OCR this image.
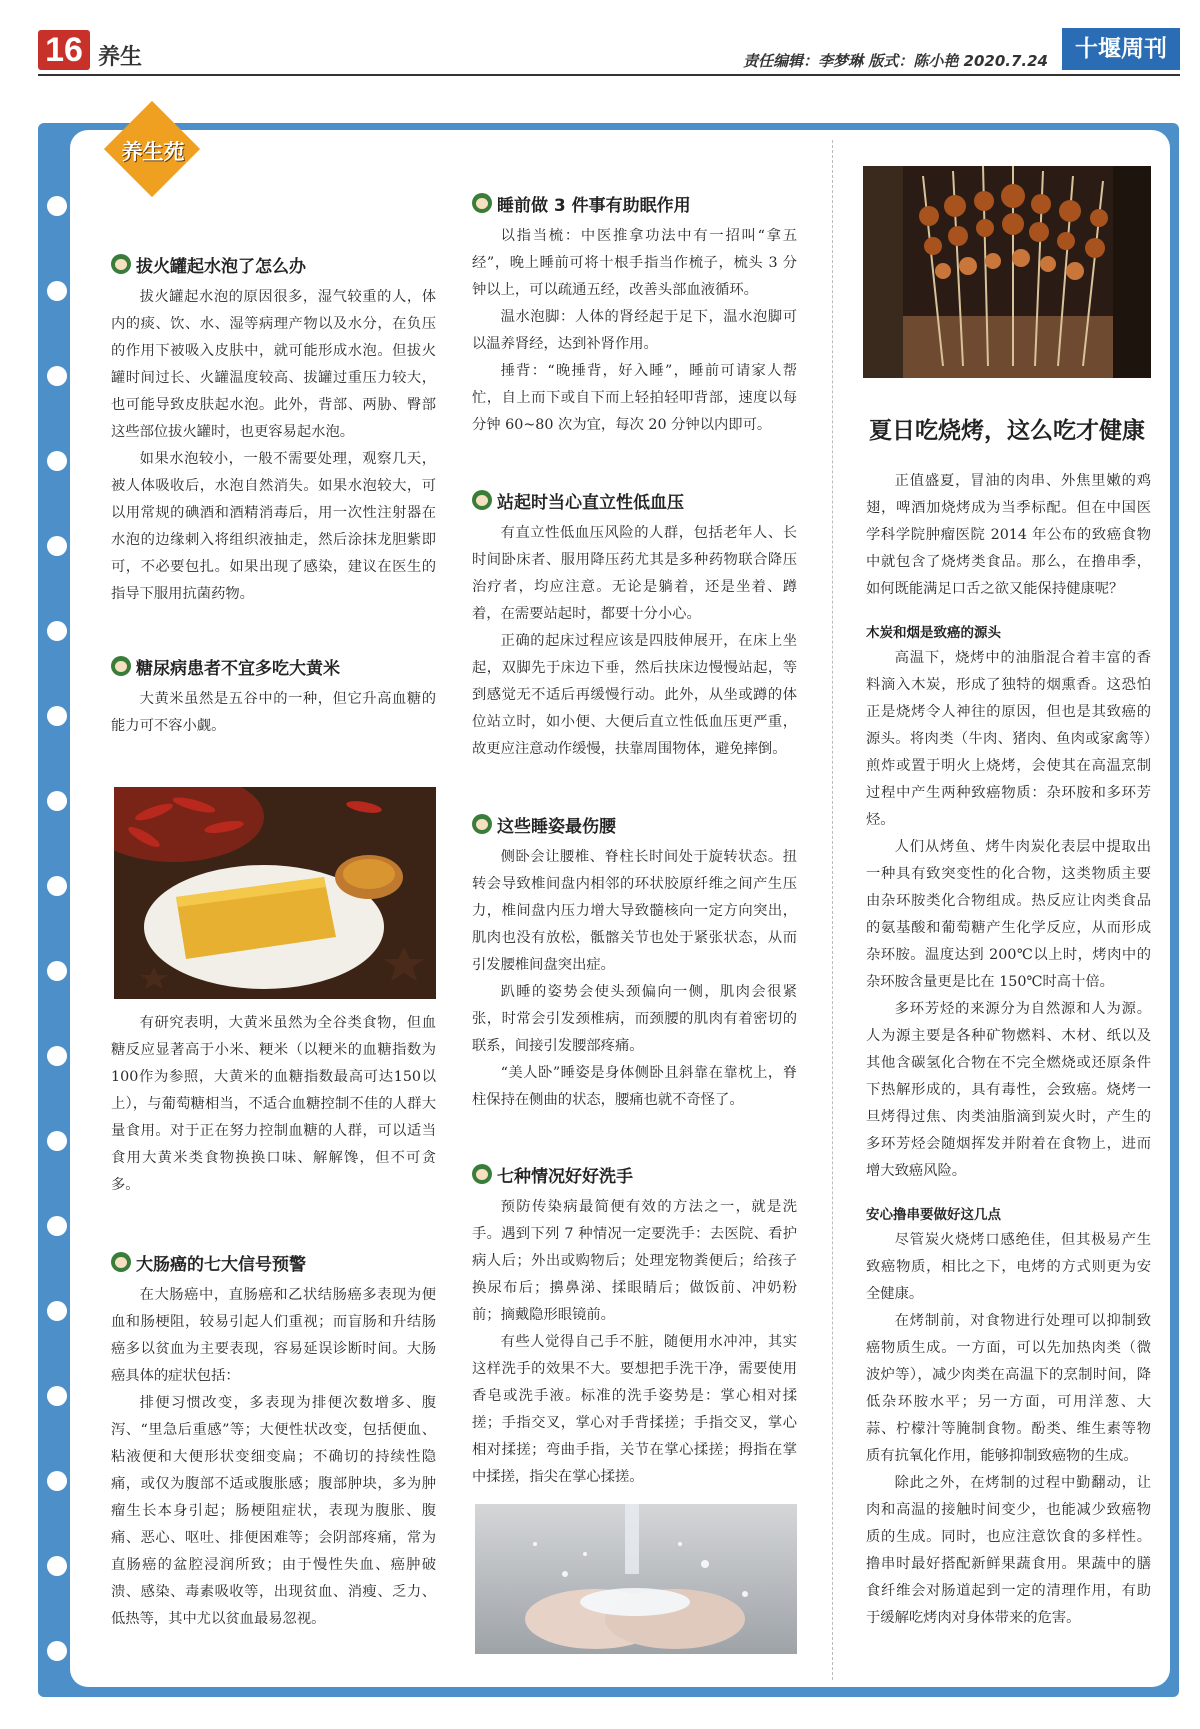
16 养生	责任编辑：李梦琳 版式：陈小艳 2020.7.24	十堰周刊
养生苑
拔火罐起水泡了怎么办

拔火罐起水泡的原因很多，湿气较重的人，体内的痰、饮、水、湿等病理产物以及水分，在负压的作用下被吸入皮肤中，就可能形成水泡。但拔火罐时间过长、火罐温度较高、拔罐过重压力较大，也可能导致皮肤起水泡。此外，背部、两胁、臀部这些部位拔火罐时，也更容易起水泡。

如果水泡较小，一般不需要处理，观察几天，被人体吸收后，水泡自然消失。如果水泡较大，可以用常规的碘酒和酒精消毒后，用一次性注射器在水泡的边缘刺入将组织液抽走，然后涂抹龙胆紫即可，不必要包扎。如果出现了感染，建议在医生的指导下服用抗菌药物。

糖尿病患者不宜多吃大黄米

大黄米虽然是五谷中的一种，但它升高血糖的能力可不容小觑。

有研究表明，大黄米虽然为全谷类食物，但血糖反应显著高于小米、粳米（以粳米的血糖指数为100作为参照，大黄米的血糖指数最高可达150以上），与葡萄糖相当，不适合血糖控制不佳的人群大量食用。对于正在努力控制血糖的人群，可以适当食用大黄米类食物换换口味、解解馋，但不可贪多。

大肠癌的七大信号预警

在大肠癌中，直肠癌和乙状结肠癌多表现为便血和肠梗阻，较易引起人们重视；而盲肠和升结肠癌多以贫血为主要表现，容易延误诊断时间。大肠癌具体的症状包括：

排便习惯改变，多表现为排便次数增多、腹泻、“里急后重感”等；大便性状改变，包括便血、粘液便和大便形状变细变扁；不确切的持续性隐痛，或仅为腹部不适或腹胀感；腹部肿块，多为肿瘤生长本身引起；肠梗阻症状，表现为腹胀、腹痛、恶心、呕吐、排便困难等；会阴部疼痛，常为直肠癌的盆腔浸润所致；由于慢性失血、癌肿破溃、感染、毒素吸收等，出现贫血、消瘦、乏力、低热等，其中尤以贫血最易忽视。

睡前做 3 件事有助眠作用

以指当梳：中医推拿功法中有一招叫“拿五经”，晚上睡前可将十根手指当作梳子，梳头 3 分钟以上，可以疏通五经，改善头部血液循环。

温水泡脚：人体的肾经起于足下，温水泡脚可以温养肾经，达到补肾作用。

捶背：“晚捶背，好入睡”，睡前可请家人帮忙，自上而下或自下而上轻拍轻叩背部，速度以每分钟 60~80 次为宜，每次 20 分钟以内即可。

站起时当心直立性低血压

有直立性低血压风险的人群，包括老年人、长时间卧床者、服用降压药尤其是多种药物联合降压治疗者，均应注意。无论是躺着，还是坐着、蹲着，在需要站起时，都要十分小心。

正确的起床过程应该是四肢伸展开，在床上坐起，双脚先于床边下垂，然后扶床边慢慢站起，等到感觉无不适后再缓慢行动。此外，从坐或蹲的体位站立时，如小便、大便后直立性低血压更严重，故更应注意动作缓慢，扶靠周围物体，避免摔倒。

这些睡姿最伤腰

侧卧会让腰椎、脊柱长时间处于旋转状态。扭转会导致椎间盘内相邻的环状胶原纤维之间产生压力，椎间盘内压力增大导致髓核向一定方向突出，肌肉也没有放松，骶髂关节也处于紧张状态，从而引发腰椎间盘突出症。

趴睡的姿势会使头颈偏向一侧，肌肉会很紧张，时常会引发颈椎病，而颈腰的肌肉有着密切的联系，间接引发腰部疼痛。

“美人卧”睡姿是身体侧卧且斜靠在靠枕上，脊柱保持在侧曲的状态，腰痛也就不奇怪了。

七种情况好好洗手

预防传染病最简便有效的方法之一，就是洗手。遇到下列 7 种情况一定要洗手：去医院、看护病人后；外出或购物后；处理宠物粪便后；给孩子换尿布后；擤鼻涕、揉眼睛后；做饭前、冲奶粉前；摘戴隐形眼镜前。

有些人觉得自己手不脏，随便用水冲冲，其实这样洗手的效果不大。要想把手洗干净，需要使用香皂或洗手液。标准的洗手姿势是：掌心相对揉搓；手指交叉，掌心对手背揉搓；手指交叉，掌心相对揉搓；弯曲手指，关节在掌心揉搓；拇指在掌中揉搓，指尖在掌心揉搓。

夏日吃烧烤，这么吃才健康

正值盛夏，冒油的肉串、外焦里嫩的鸡翅，啤酒加烧烤成为当季标配。但在中国医学科学院肿瘤医院 2014 年公布的致癌食物中就包含了烧烤类食品。那么，在撸串季，如何既能满足口舌之欲又能保持健康呢？

木炭和烟是致癌的源头

高温下，烧烤中的油脂混合着丰富的香料滴入木炭，形成了独特的烟熏香。这恐怕正是烧烤令人神往的原因，但也是其致癌的源头。将肉类（牛肉、猪肉、鱼肉或家禽等）煎炸或置于明火上烧烤，会使其在高温烹制过程中产生两种致癌物质：杂环胺和多环芳烃。

人们从烤鱼、烤牛肉炭化表层中提取出一种具有致突变性的化合物，这类物质主要由杂环胺类化合物组成。热反应让肉类食品的氨基酸和葡萄糖产生化学反应，从而形成杂环胺。温度达到 200℃以上时，烤肉中的杂环胺含量更是比在 150℃时高十倍。

多环芳烃的来源分为自然源和人为源。人为源主要是各种矿物燃料、木材、纸以及其他含碳氢化合物在不完全燃烧或还原条件下热解形成的，具有毒性，会致癌。烧烤一旦烤得过焦、肉类油脂滴到炭火时，产生的多环芳烃会随烟挥发并附着在食物上，进而增大致癌风险。

安心撸串要做好这几点

尽管炭火烧烤口感绝佳，但其极易产生致癌物质，相比之下，电烤的方式则更为安全健康。

在烤制前，对食物进行处理可以抑制致癌物质生成。一方面，可以先加热肉类（微波炉等），减少肉类在高温下的烹制时间，降低杂环胺水平；另一方面，可用洋葱、大蒜、柠檬汁等腌制食物。酚类、维生素等物质有抗氧化作用，能够抑制致癌物的生成。

除此之外，在烤制的过程中勤翻动，让肉和高温的接触时间变少，也能减少致癌物质的生成。同时，也应注意饮食的多样性。撸串时最好搭配新鲜果蔬食用。果蔬中的膳食纤维会对肠道起到一定的清理作用，有助于缓解吃烤肉对身体带来的危害。
